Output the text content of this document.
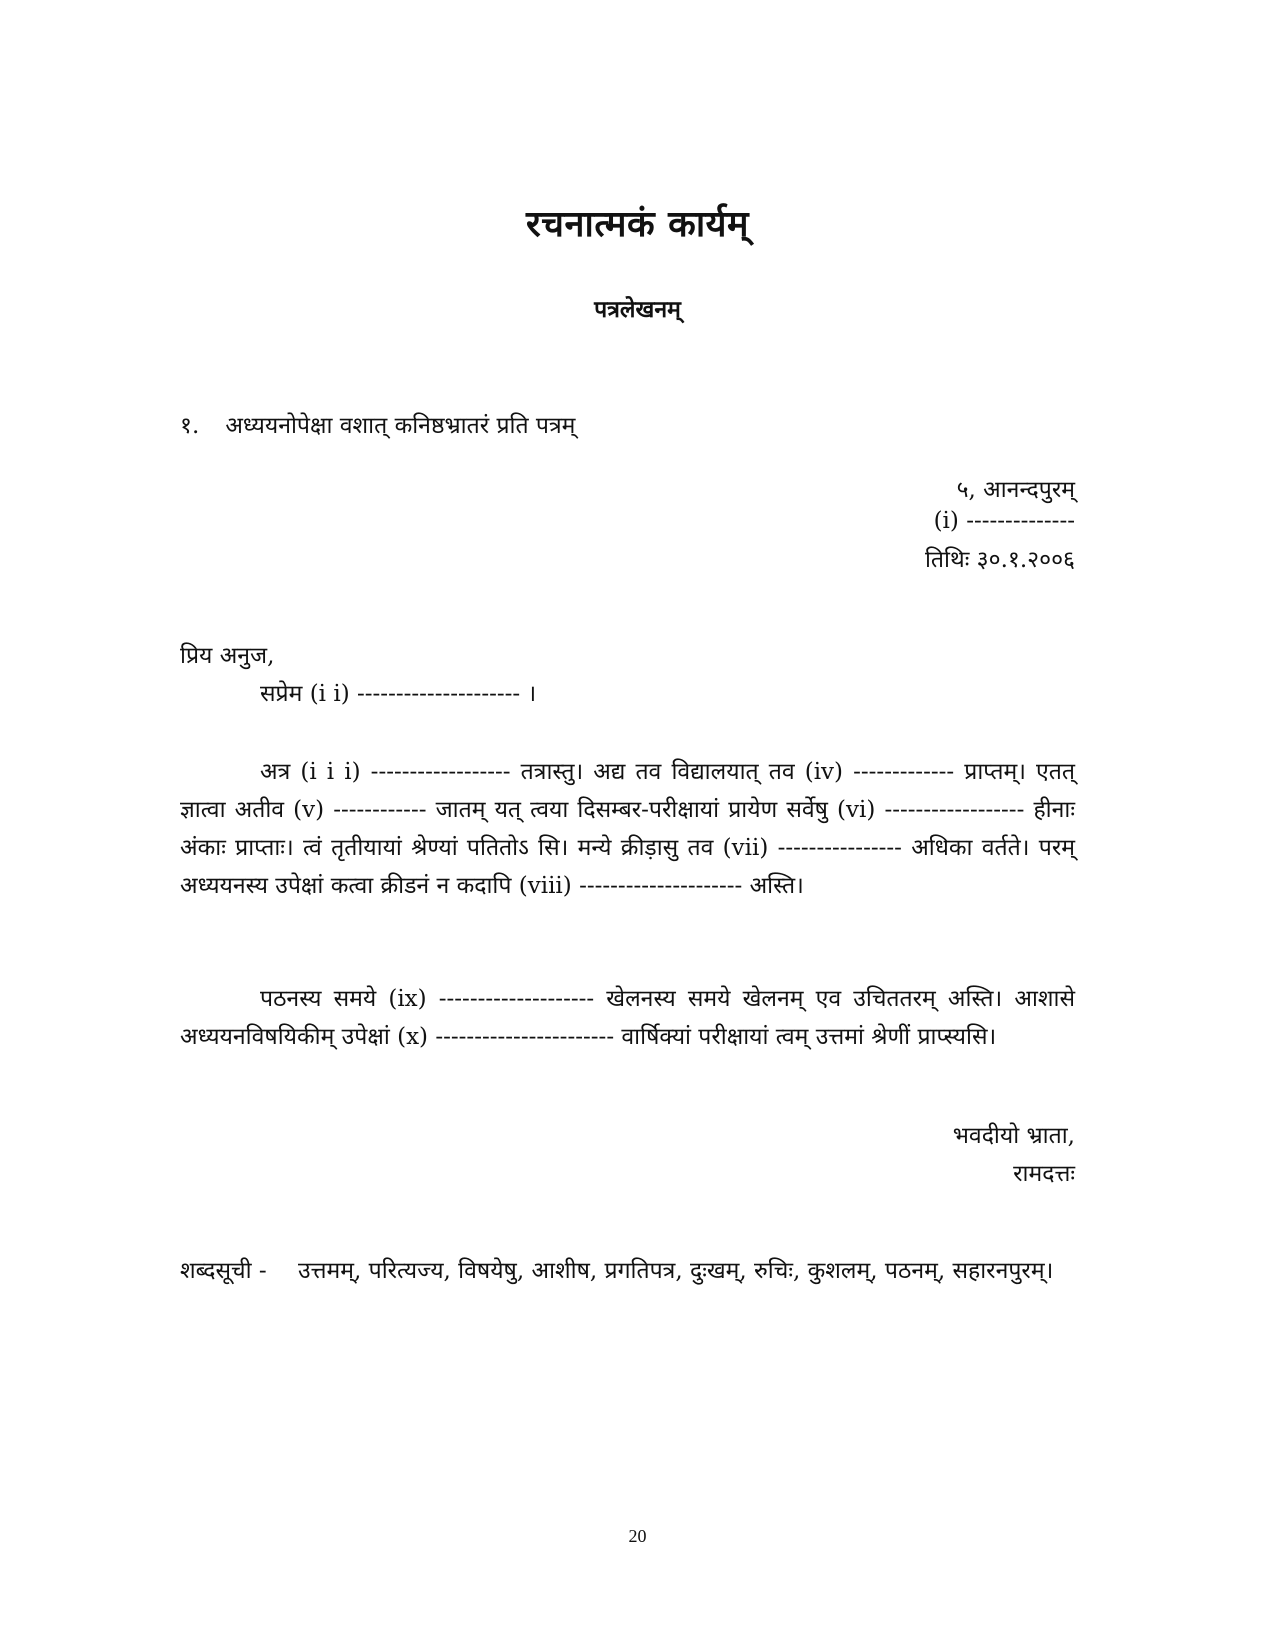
रचनात्मकं कार्यम्
पत्रलेखनम्
१. अध्ययनोपेक्षा वशात् कनिष्ठभ्रातरं प्रति पत्रम्
५, आनन्दपुरम्
(i) --------------
तिथिः ३०.१.२००६
प्रिय अनुज,
सप्रेम (i i) --------------------- ।
अत्र (i i i) ------------------ तत्रास्तु। अद्य तव विद्यालयात् तव (iv) ------------- प्राप्तम्। एतत् ज्ञात्वा अतीव (v) ------------ जातम् यत् त्वया दिसम्बर-परीक्षायां प्रायेण सर्वेषु (vi) ------------------ हीनाः अंकाः प्राप्ताः। त्वं तृतीयायां श्रेण्यां पतितोऽ सि। मन्ये क्रीड़ासु तव (vii) ---------------- अधिका वर्तते। परम् अध्ययनस्य उपेक्षां कत्वा क्रीडनं न कदापि (viii) --------------------- अस्ति।
पठनस्य समये (ix) -------------------- खेलनस्य समये खेलनम् एव उचिततरम् अस्ति। आशासे अध्ययनविषयिकीम् उपेक्षां (x) ----------------------- वार्षिक्यां परीक्षायां त्वम् उत्तमां श्रेणीं प्राप्स्यसि।
भवदीयो भ्राता,
रामदत्तः
शब्दसूची -	उत्तमम्, परित्यज्य, विषयेषु, आशीष, प्रगतिपत्र, दुःखम्, रुचिः, कुशलम्, पठनम्, सहारनपुरम्।
20
